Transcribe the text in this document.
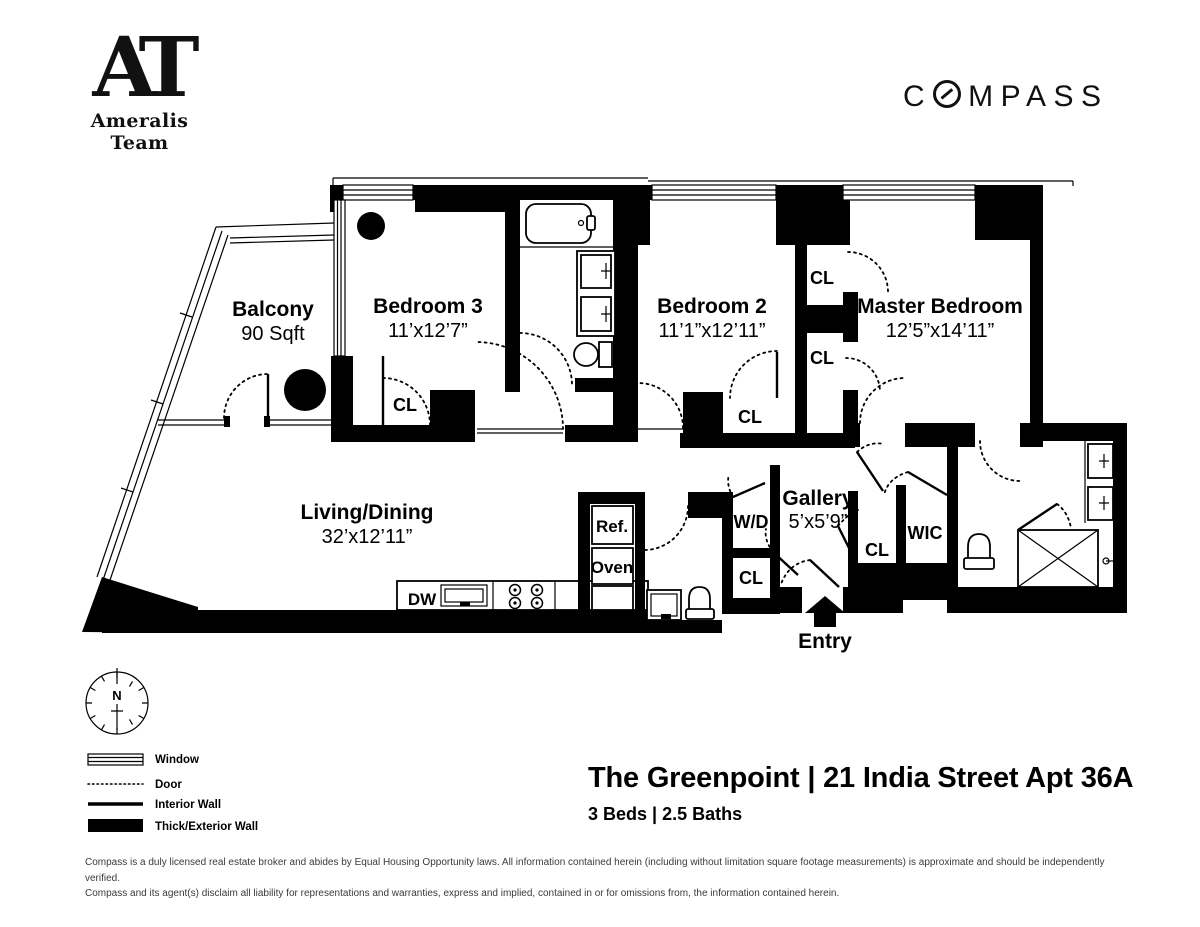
AT
Ameralis Team
C MPASS
Balcony
90 Sqft
Bedroom 3
11’x12’7”
Bedroom 2
11’1”x12’11”
Master Bedroom
12’5”x14’11”
Living/Dining
32’x12’11”
Gallery
5’x5’9”
CL
CL
CL
CL
CL
CL
WIC
W/D
Ref.
Oven
DW
Entry
N
Window
Door
Interior Wall
Thick/Exterior Wall
The Greenpoint | 21 India Street Apt 36A
3 Beds | 2.5 Baths
Compass is a duly licensed real estate broker and abides by Equal Housing Opportunity laws. All information contained herein (including without limitation square footage measurements) is approximate and should be independently verified.
Compass and its agent(s) disclaim all liability for representations and warranties, express and implied, contained in or for omissions from, the information contained herein.
